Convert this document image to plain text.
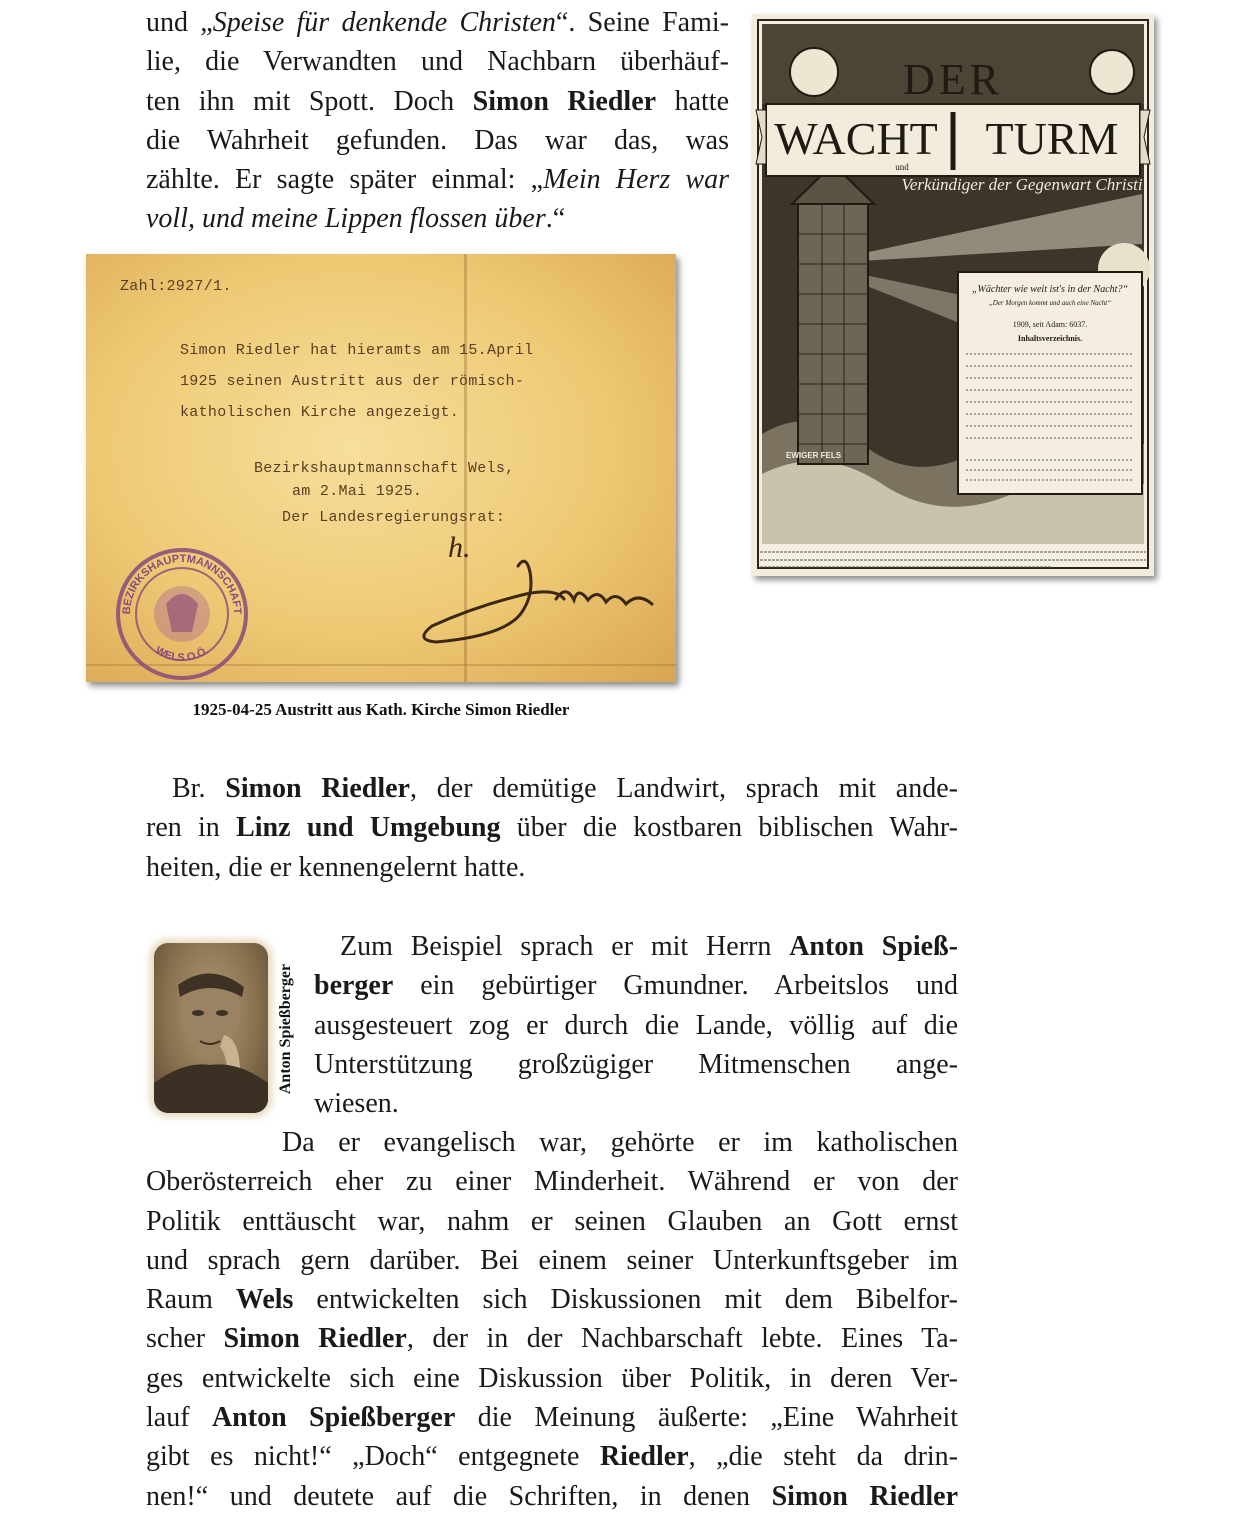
und „Speise für denkende Christen“. Seine Fami-
lie, die Verwandten und Nachbarn überhäuf-
ten ihn mit Spott. Doch Simon Riedler hatte
die Wahrheit gefunden. Das war das, was
zählte. Er sagte später einmal: „Mein Herz war
voll, und meine Lippen flossen über.“
DER
WACHT TURM
und
Verkündiger der Gegenwart Christi
„Wächter wie weit ist's in der Nacht?“
„Der Morgen kommt und auch eine Nacht“
1909, seit Adam: 6037.
Inhaltsverzeichnis.
EWIGER FELS
Zahl:2927/1.
Simon Riedler hat hieramts am 15.April
1925 seinen Austritt aus der römisch-
katholischen Kirche angezeigt.
Bezirkshauptmannschaft Wels,
am 2.Mai 1925.
Der Landesregierungsrat:
BEZIRKSHAUPTMANNSCHAFT
WELS O.Ö.
h.
1925-04-25 Austritt aus Kath. Kirche Simon Riedler
Br. Simon Riedler, der demütige Landwirt, sprach mit ande-
ren in Linz und Umgebung über die kostbaren biblischen Wahr-
heiten, die er kennengelernt hatte.
Anton Spießberger
Zum Beispiel sprach er mit Herrn Anton Spieß-
berger ein gebürtiger Gmundner. Arbeitslos und
ausgesteuert zog er durch die Lande, völlig auf die
Unterstützung großzügiger Mitmenschen ange-
wiesen.
Da er evangelisch war, gehörte er im katholischen
Oberösterreich eher zu einer Minderheit. Während er von der
Politik enttäuscht war, nahm er seinen Glauben an Gott ernst
und sprach gern darüber. Bei einem seiner Unterkunftsgeber im
Raum Wels entwickelten sich Diskussionen mit dem Bibelfor-
scher Simon Riedler, der in der Nachbarschaft lebte. Eines Ta-
ges entwickelte sich eine Diskussion über Politik, in deren Ver-
lauf Anton Spießberger die Meinung äußerte: „Eine Wahrheit
gibt es nicht!“ „Doch“ entgegnete Riedler, „die steht da drin-
nen!“ und deutete auf die Schriften, in denen Simon Riedler
